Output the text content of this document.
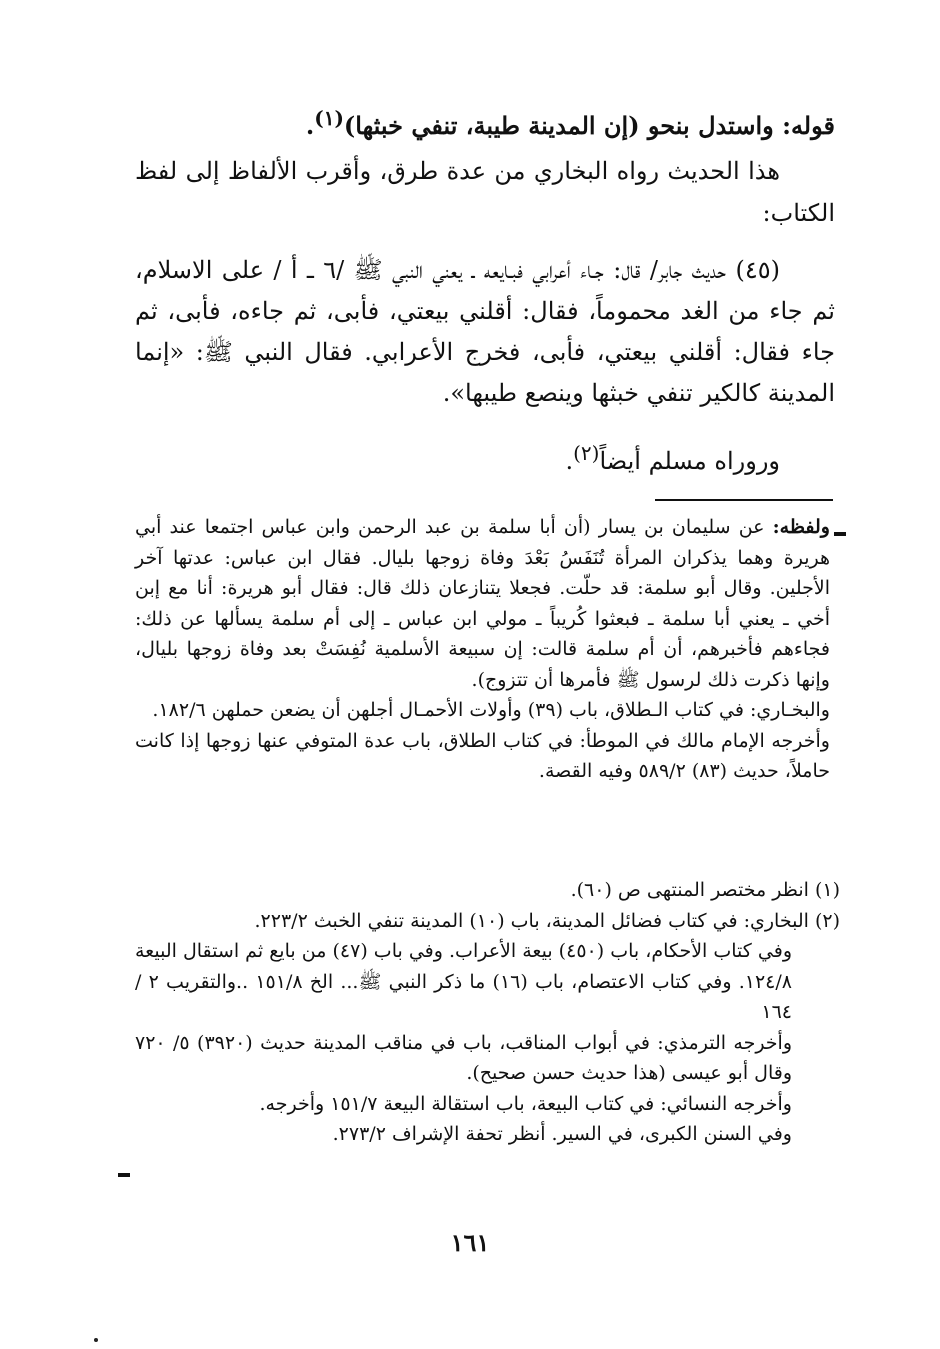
قوله: واستدل بنحو (إن المدينة طيبة، تنفي خبثها)$^{(١)}$.

هذا الحديث رواه البخاري من عدة طرق، وأقرب الألفاظ إلى لفظ الكتاب:

(٤٥) حديث جابر/ قال: جـاء أعرابي فبـايعه ـ يعني النبي ﷺ /٦ ـ أ / على الاسلام، ثم جاء من الغد محموماً، فقال: أقلني بيعتي، فأبى، ثم جاءه، فأبى، ثم جاء فقال: أقلني بيعتي، فأبى، فخرج الأعرابي. فقال النبي ﷺ: «إنما المدينة كالكير تنفي خبثها وينصع طيبها».

وروراه مسلم أيضاً$^{(٢)}$.

ولفظه: عن سليمان بن يسار (أن أبا سلمة بن عبد الرحمن وابن عباس اجتمعا عند أبي هريرة وهما يذكران المرأة تُنَفَسُ بَعْدَ وفاة زوجها بليال. فقال ابن عباس: عدتها آخر الأجلين. وقال أبو سلمة: قد حلّت. فجعلا يتنازعان ذلك قال: فقال أبو هريرة: أنا مع إبن أخي ـ يعني أبا سلمة ـ فبعثوا كُريباً ـ مولي ابن عباس ـ إلى أم سلمة يسألها عن ذلك: فجاءهم فأخبرهم، أن أم سلمة قالت: إن سبيعة الأسلمية نُفِسَتْ بعد وفاة زوجها بليال، وإنها ذكرت ذلك لرسول ﷺ فأمرها أن تتزوج).

والبخـاري: في كتاب الـطلاق، باب (٣٩) وأولات الأحمـال أجلهن أن يضعن حملهن ١٨٢/٦.

وأخرجه الإمام مالك في الموطأ: في كتاب الطلاق، باب عدة المتوفي عنها زوجها إذا كانت حاملاً، حديث (٨٣) ٥٨٩/٢ وفيه القصة.

(١) انظر مختصر المنتهى ص (٦٠).

(٢) البخاري: في كتاب فضائل المدينة، باب (١٠) المدينة تنفي الخبث ٢٢٣/٢.

وفي كتاب الأحكام، باب (٤٥٠) بيعة الأعراب. وفي باب (٤٧) من بايع ثم استقال البيعة ١٢٤/٨. وفي كتاب الاعتصام، باب (١٦) ما ذكر النبي ﷺ... الخ ١٥١/٨ ..والتقريب ٢ / ١٦٤

وأخرجه الترمذي: في أبواب المناقب، باب في مناقب المدينة حديث (٣٩٢٠) ٥/ ٧٢٠ وقال أبو عيسى (هذا حديث حسن صحيح).

وأخرجه النسائي: في كتاب البيعة، باب استقالة البيعة ١٥١/٧ وأخرجه.

وفي السنن الكبرى، في السير. أنظر تحفة الإشراف ٢٧٣/٢.

١٦١
